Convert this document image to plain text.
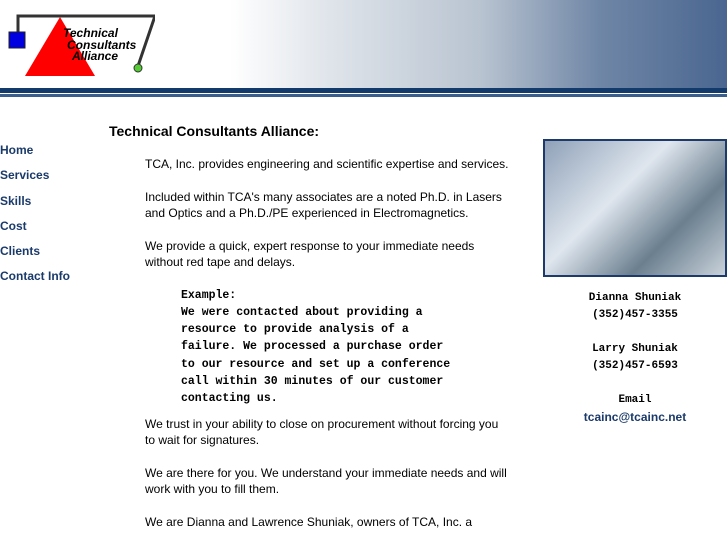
Technical
Consultants
Alliance
Home
Services
Skills
Cost
Clients
Contact Info
Technical Consultants Alliance:

TCA, Inc. provides engineering and scientific expertise and services.

Included within TCA's many associates are a noted Ph.D. in Lasers and Optics and a Ph.D./PE experienced in Electromagnetics.

We provide a quick, expert response to your immediate needs without red tape and delays.

Example:
We were contacted about providing a
resource to provide analysis of a
failure. We processed a purchase order
to our resource and set up a conference
call within 30 minutes of our customer
contacting us.

We trust in your ability to close on procurement without forcing you to wait for signatures.

We are there for you. We understand your immediate needs and will work with you to fill them.

We are Dianna and Lawrence Shuniak, owners of TCA, Inc. a

Dianna Shuniak
(352)457-3355
Larry Shuniak
(352)457-6593
Email
tcainc@tcainc.net
